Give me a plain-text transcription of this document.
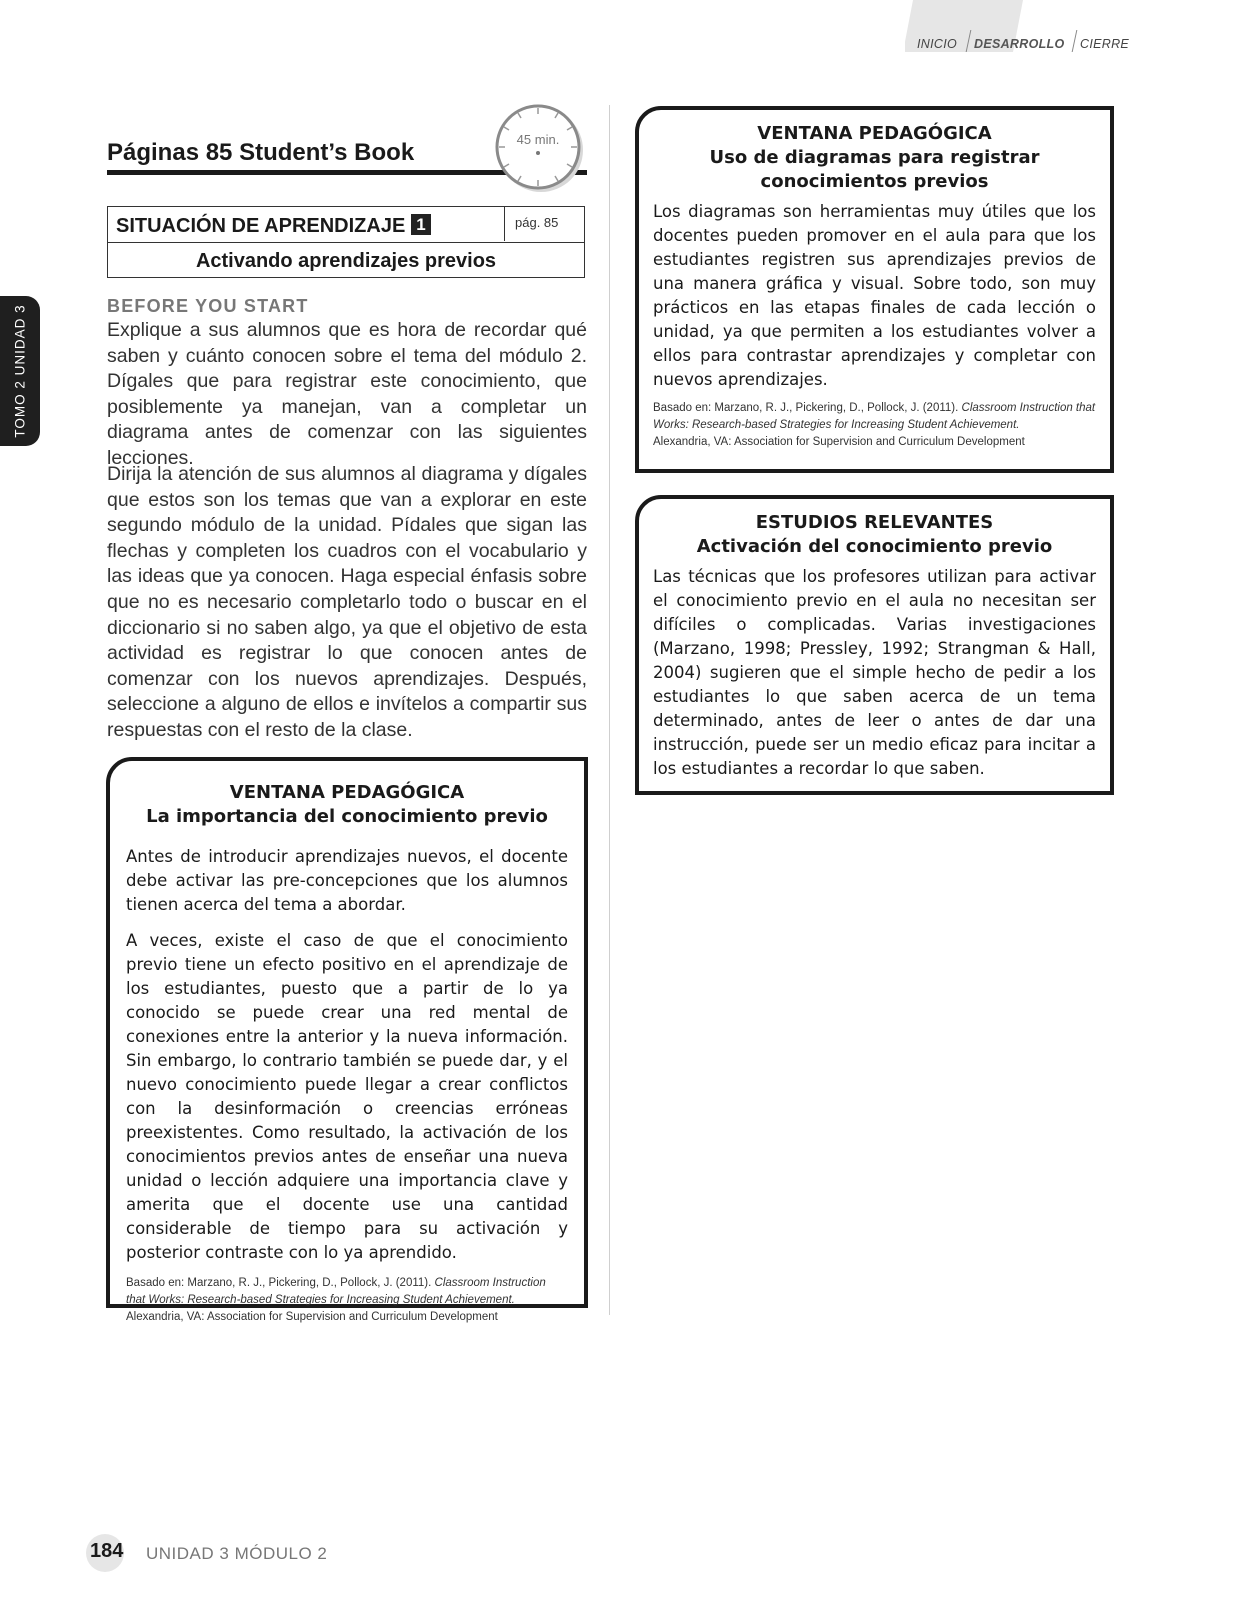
INICIO DESARROLLO CIERRE
TOMO 2 UNIDAD 3
Páginas 85 Student’s Book	45 min.
SITUACIÓN DE APRENDIZAJE 1	pág. 85
Activando aprendizajes previos
BEFORE YOU START

Explique a sus alumnos que es hora de recordar qué saben y cuánto conocen sobre el tema del módulo 2. Dígales que para registrar este conocimiento, que posiblemente ya manejan, van a completar un diagrama antes de comenzar con las siguientes lecciones.

Dirija la atención de sus alumnos al diagrama y dígales que estos son los temas que van a explorar en este segundo módulo de la unidad. Pídales que sigan las flechas y completen los cuadros con el vocabulario y las ideas que ya conocen. Haga especial énfasis sobre que no es necesario completarlo todo o buscar en el diccionario si no saben algo, ya que el objetivo de esta actividad es registrar lo que conocen antes de comenzar con los nuevos aprendizajes. Después, seleccione a alguno de ellos e invítelos a compartir sus respuestas con el resto de la clase.

VENTANA PEDAGÓGICA

La importancia del conocimiento previo

Antes de introducir aprendizajes nuevos, el docente debe activar las pre-concepciones que los alumnos tienen acerca del tema a abordar.

A veces, existe el caso de que el conocimiento previo tiene un efecto positivo en el aprendizaje de los estudiantes, puesto que a partir de lo ya conocido se puede crear una red mental de conexiones entre la anterior y la nueva información. Sin embargo, lo contrario también se puede dar, y el nuevo conocimiento puede llegar a crear conflictos con la desinformación o creencias erróneas preexistentes. Como resultado, la activación de los conocimientos previos antes de enseñar una nueva unidad o lección adquiere una importancia clave y amerita que el docente use una cantidad considerable de tiempo para su activación y posterior contraste con lo ya aprendido.

Basado en: Marzano, R. J., Pickering, D., Pollock, J. (2011). Classroom Instruction that Works: Research-based Strategies for Increasing Student Achievement.
Alexandria, VA: Association for Supervision and Curriculum Development

VENTANA PEDAGÓGICA

Uso de diagramas para registrar conocimientos previos

Los diagramas son herramientas muy útiles que los docentes pueden promover en el aula para que los estudiantes registren sus aprendizajes previos de una manera gráfica y visual. Sobre todo, son muy prácticos en las etapas finales de cada lección o unidad, ya que permiten a los estudiantes volver a ellos para contrastar aprendizajes y completar con nuevos aprendizajes.

Basado en: Marzano, R. J., Pickering, D., Pollock, J. (2011). Classroom Instruction that Works: Research-based Strategies for Increasing Student Achievement.
Alexandria, VA: Association for Supervision and Curriculum Development

ESTUDIOS RELEVANTES

Activación del conocimiento previo

Las técnicas que los profesores utilizan para activar el conocimiento previo en el aula no necesitan ser difíciles o complicadas. Varias investigaciones (Marzano, 1998; Pressley, 1992; Strangman & Hall, 2004) sugieren que el simple hecho de pedir a los estudiantes lo que saben acerca de un tema determinado, antes de leer o antes de dar una instrucción, puede ser un medio eficaz para incitar a los estudiantes a recordar lo que saben.

184 UNIDAD 3 MÓDULO 2
